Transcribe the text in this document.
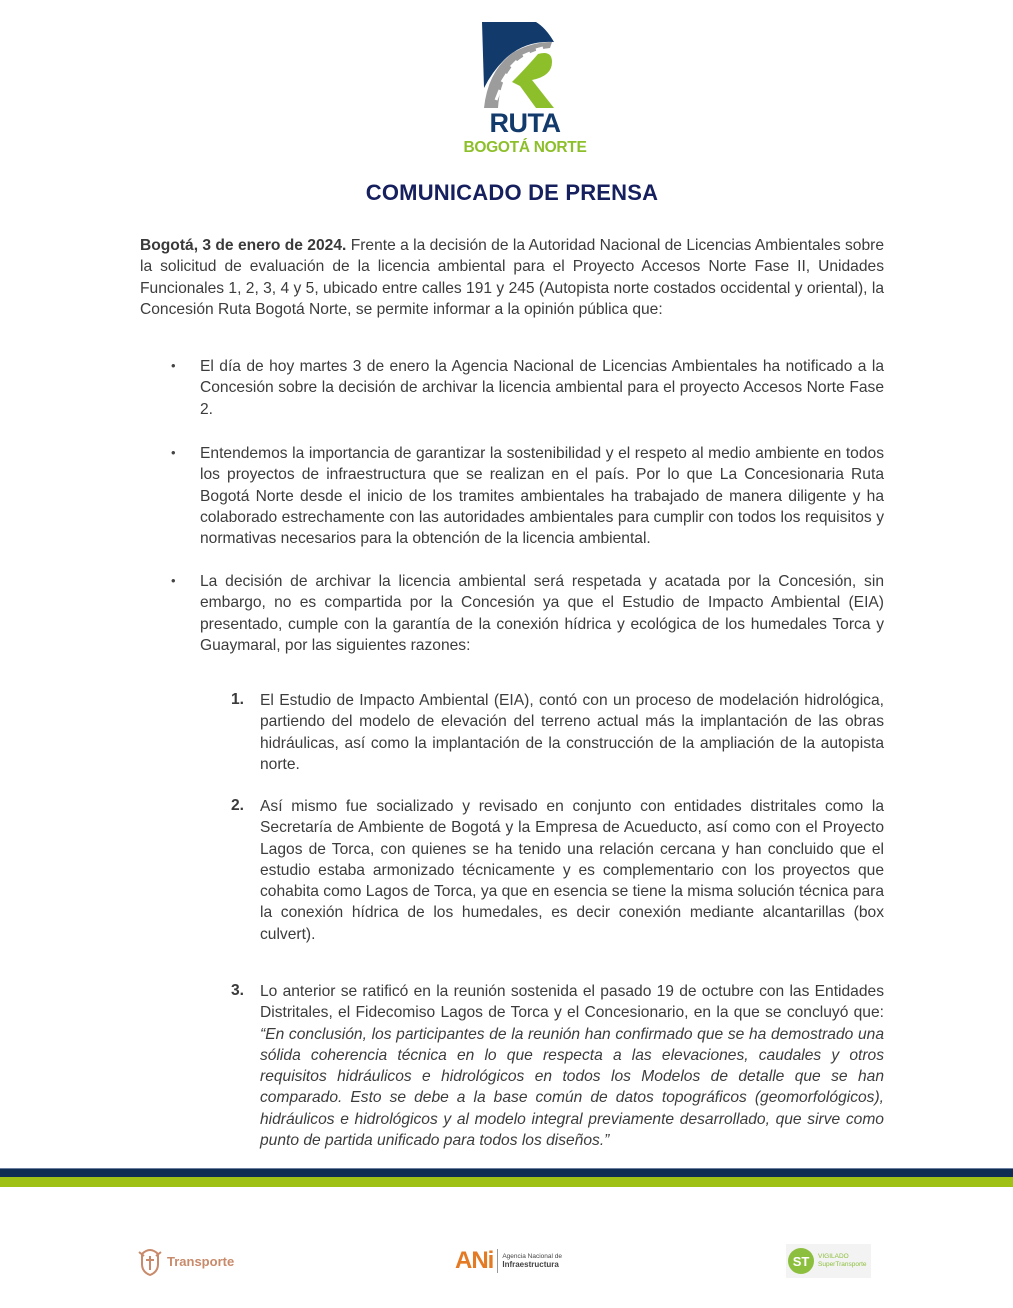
RUTA
BOGOTÁ NORTE
COMUNICADO DE PRENSA
Bogotá, 3 de enero de 2024. Frente a la decisión de la Autoridad Nacional de Licencias Ambientales sobre la solicitud de evaluación de la licencia ambiental para el Proyecto Accesos Norte Fase II, Unidades Funcionales 1, 2, 3, 4 y 5, ubicado entre calles 191 y 245 (Autopista norte costados occidental y oriental), la Concesión Ruta Bogotá Norte, se permite informar a la opinión pública que:
• El día de hoy martes 3 de enero la Agencia Nacional de Licencias Ambientales ha notificado a la Concesión sobre la decisión de archivar la licencia ambiental para el proyecto Accesos Norte Fase 2.
• Entendemos la importancia de garantizar la sostenibilidad y el respeto al medio ambiente en todos los proyectos de infraestructura que se realizan en el país. Por lo que La Concesionaria Ruta Bogotá Norte desde el inicio de los tramites ambientales ha trabajado de manera diligente y ha colaborado estrechamente con las autoridades ambientales para cumplir con todos los requisitos y normativas necesarios para la obtención de la licencia ambiental.
• La decisión de archivar la licencia ambiental será respetada y acatada por la Concesión, sin embargo, no es compartida por la Concesión ya que el Estudio de Impacto Ambiental (EIA) presentado, cumple con la garantía de la conexión hídrica y ecológica de los humedales Torca y Guaymaral, por las siguientes razones:
1. El Estudio de Impacto Ambiental (EIA), contó con un proceso de modelación hidrológica, partiendo del modelo de elevación del terreno actual más la implantación de las obras hidráulicas, así como la implantación de la construcción de la ampliación de la autopista norte.
2. Así mismo fue socializado y revisado en conjunto con entidades distritales como la Secretaría de Ambiente de Bogotá y la Empresa de Acueducto, así como con el Proyecto Lagos de Torca, con quienes se ha tenido una relación cercana y han concluido que el estudio estaba armonizado técnicamente y es complementario con los proyectos que cohabita como Lagos de Torca, ya que en esencia se tiene la misma solución técnica para la conexión hídrica de los humedales, es decir conexión mediante alcantarillas (box culvert).
3. Lo anterior se ratificó en la reunión sostenida el pasado 19 de octubre con las Entidades Distritales, el Fidecomiso Lagos de Torca y el Concesionario, en la que se concluyó que: “En conclusión, los participantes de la reunión han confirmado que se ha demostrado una sólida coherencia técnica en lo que respecta a las elevaciones, caudales y otros requisitos hidráulicos e hidrológicos en todos los Modelos de detalle que se han comparado. Esto se debe a la base común de datos topográficos (geomorfológicos), hidráulicos e hidrológicos y al modelo integral previamente desarrollado, que sirve como punto de partida unificado para todos los diseños.”
Transporte	ANi Agencia Nacional de
Infraestructura	ST	VIGILADO
SuperTransporte
